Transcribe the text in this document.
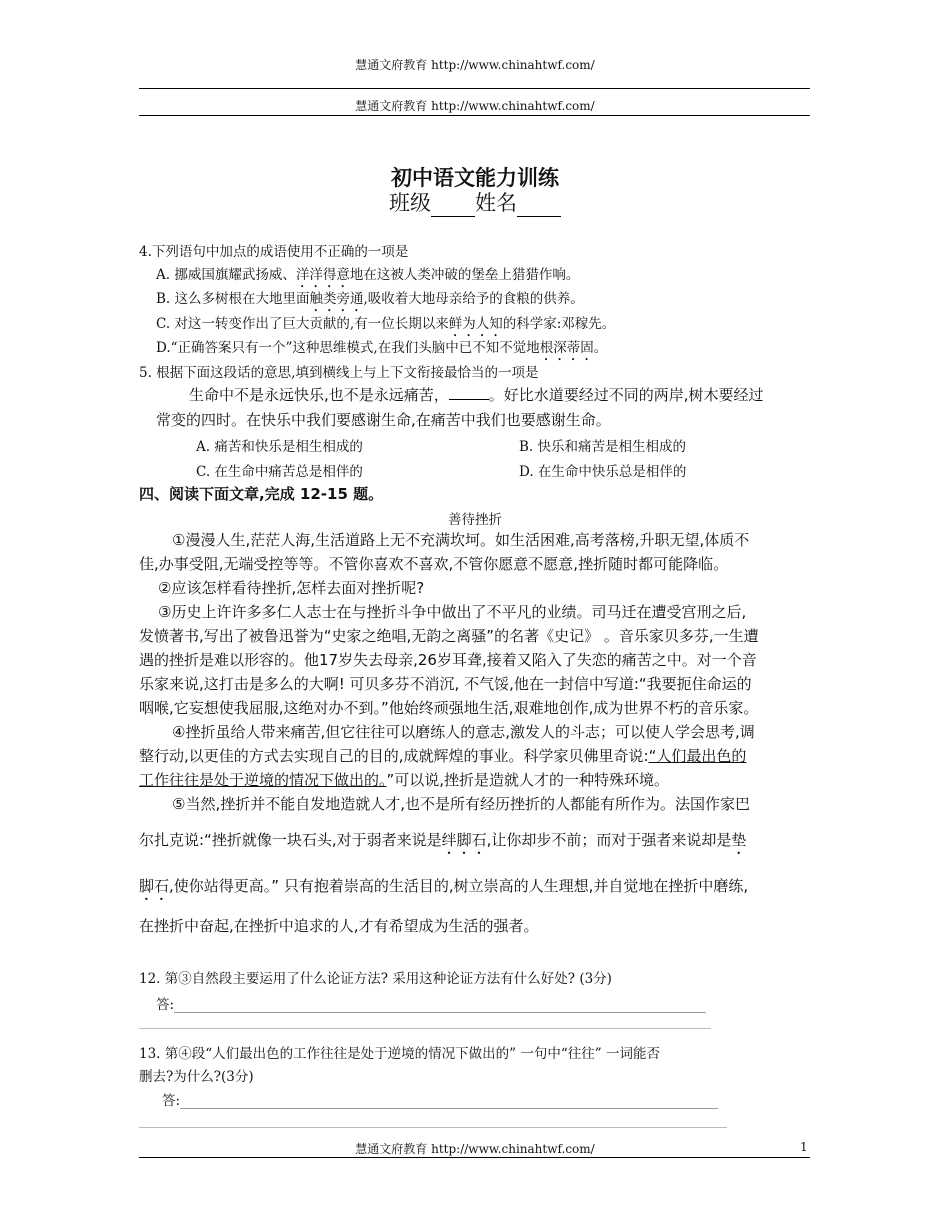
慧通文府教育 http://www.chinahtwf.com/
慧通文府教育 http://www.chinahtwf.com/
初中语文能力训练
班级 姓名
4.下列语句中加点的成语使用不正确的一项是
A. 挪威国旗耀武扬威、洋洋得意地在这被人类冲破的堡垒上猎猎作响。
B. 这么多树根在大地里面触类旁通,吸收着大地母亲给予的食粮的供养。
C. 对这一转变作出了巨大贡献的,有一位长期以来鲜为人知的科学家:邓稼先。
D.“正确答案只有一个”这种思维模式,在我们头脑中已不知不觉地根深蒂固。
5. 根据下面这段话的意思,填到横线上与上下文衔接最恰当的一项是
生命中不是永远快乐,也不是永远痛苦，	。好比水道要经过不同的两岸,树木要经过
常变的四时。在快乐中我们要感谢生命,在痛苦中我们也要感谢生命。
A. 痛苦和快乐是相生相成的	B. 快乐和痛苦是相生相成的
C. 在生命中痛苦总是相伴的	D. 在生命中快乐总是相伴的
四、阅读下面文章,完成 12-15 题。
善待挫折
①漫漫人生,茫茫人海,生活道路上无不充满坎坷。如生活困难,高考落榜,升职无望,体质不
佳,办事受阻,无端受控等等。不管你喜欢不喜欢,不管你愿意不愿意,挫折随时都可能降临。
②应该怎样看待挫折,怎样去面对挫折呢?
③历史上许许多多仁人志士在与挫折斗争中做出了不平凡的业绩。司马迁在遭受宫刑之后,
发愤著书,写出了被鲁迅誉为“史家之绝唱,无韵之离骚”的名著《史记》 。音乐家贝多芬,一生遭
遇的挫折是难以形容的。他17岁失去母亲,26岁耳聋,接着又陷入了失恋的痛苦之中。对一个音
乐家来说,这打击是多么的大啊! 可贝多芬不消沉, 不气馁,他在一封信中写道:“我要扼住命运的
咽喉,它妄想使我屈服,这绝对办不到。”他始终顽强地生活,艰难地创作,成为世界不朽的音乐家。
④挫折虽给人带来痛苦,但它往往可以磨练人的意志,激发人的斗志；可以使人学会思考,调
整行动,以更佳的方式去实现自己的目的,成就辉煌的事业。科学家贝佛里奇说:“人们最出色的
工作往往是处于逆境的情况下做出的。”可以说,挫折是造就人才的一种特殊环境。
⑤当然,挫折并不能自发地造就人才,也不是所有经历挫折的人都能有所作为。法国作家巴
尔扎克说:“挫折就像一块石头,对于弱者来说是绊脚石,让你却步不前；而对于强者来说却是垫
脚石,使你站得更高。” 只有抱着崇高的生活目的,树立崇高的人生理想,并自觉地在挫折中磨练,
在挫折中奋起,在挫折中追求的人,才有希望成为生活的强者。
12. 第③自然段主要运用了什么论证方法? 采用这种论证方法有什么好处? (3分)
答:
13. 第④段“人们最出色的工作往往是处于逆境的情况下做出的” 一句中“往往” 一词能否
删去?为什么?(3分)
答:
慧通文府教育 http://www.chinahtwf.com/	1
